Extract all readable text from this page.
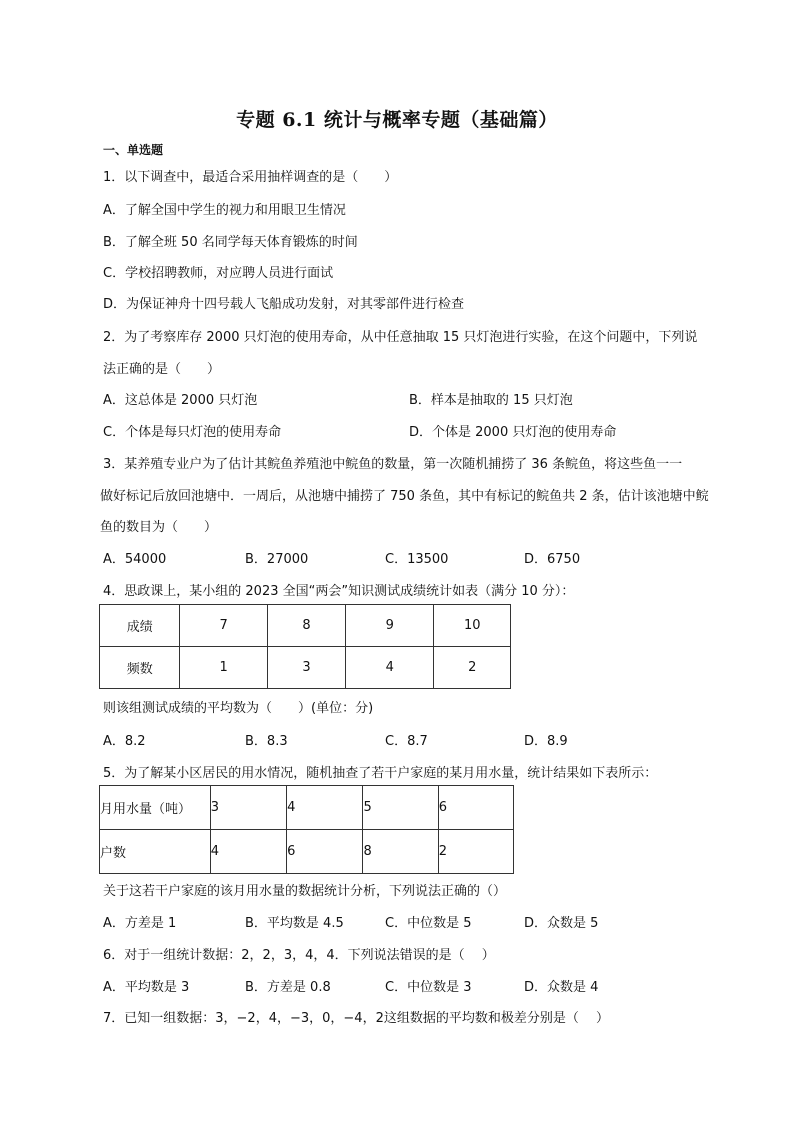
专题 6.1 统计与概率专题（基础篇）
一、单选题
1．以下调查中，最适合采用抽样调查的是（　　）
A．了解全国中学生的视力和用眼卫生情况
B．了解全班 50 名同学每天体育锻炼的时间
C．学校招聘教师，对应聘人员进行面试
D．为保证神舟十四号载人飞船成功发射，对其零部件进行检查
2．为了考察库存 2000 只灯泡的使用寿命，从中任意抽取 15 只灯泡进行实验，在这个问题中，下列说
法正确的是（　　）
A．这总体是 2000 只灯泡	B．样本是抽取的 15 只灯泡
C．个体是每只灯泡的使用寿命	D．个体是 2000 只灯泡的使用寿命
3．某养殖专业户为了估计其鲩鱼养殖池中鲩鱼的数量，第一次随机捕捞了 36 条鲩鱼，将这些鱼一一
做好标记后放回池塘中．一周后，从池塘中捕捞了 750 条鱼，其中有标记的鲩鱼共 2 条，估计该池塘中鲩
鱼的数目为（　　）
A．54000	B．27000	C．13500	D．6750
4．思政课上，某小组的 2023 全国“两会”知识测试成绩统计如表（满分 10 分）：
成绩	7	8	9	10
频数	1	3	4	2
则该组测试成绩的平均数为（　　）(单位：分)
A．8.2	B．8.3	C．8.7	D．8.9
5．为了解某小区居民的用水情况，随机抽查了若干户家庭的某月用水量，统计结果如下表所示：
月用水量（吨）	3	4	5	6
户数	4	6	8	2
关于这若干户家庭的该月用水量的数据统计分析，下列说法正确的（）
A．方差是 1	B．平均数是 4.5	C．中位数是 5	D．众数是 5
6．对于一组统计数据：2，2，3，4，4．下列说法错误的是（　 ）
A．平均数是 3	B．方差是 0.8	C．中位数是 3	D．众数是 4
7．已知一组数据：3，−2，4，−3，0，−4，2这组数据的平均数和极差分别是（　 ）
